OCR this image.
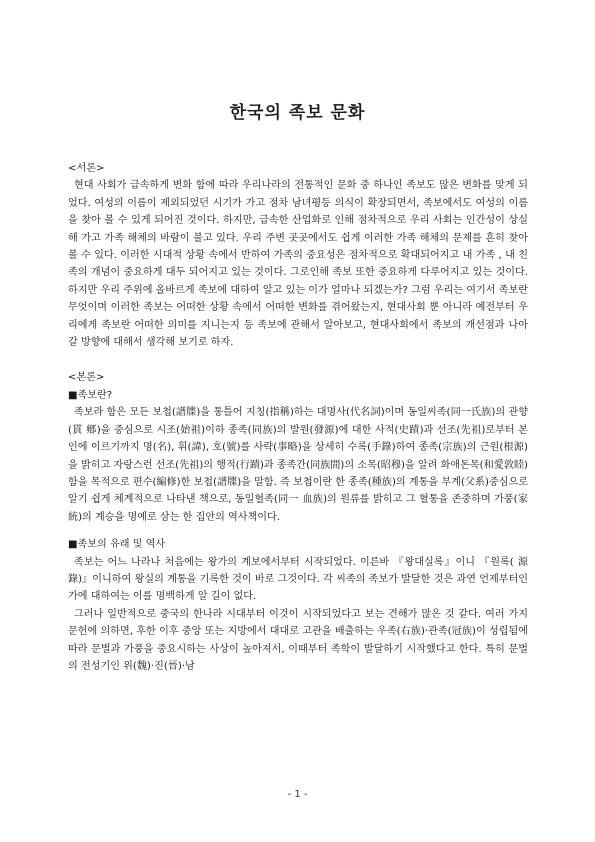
한국의 족보 문화

<서론>

현대 사회가 급속하게 변화 함에 따라 우리나라의 전통적인 문화 중 하나인 족보도 많은 변화를 맞게 되었다. 여성의 이름이 제외되었던 시기가 가고 점차 남녀평등 의식이 확장되면서, 족보에서도 여성의 이름을 찾아 볼 수 있게 되어진 것이다. 하지만, 급속한 산업화로 인해 점차적으로 우리 사회는 인간성이 상실해 가고 가족 해체의 바람이 불고 있다. 우리 주변 곳곳에서도 쉽게 이러한 가족 해체의 문제를 흔히 찾아 볼 수 있다. 이러한 시대적 상황 속에서 반하여 가족의 중요성은 점차적으로 확대되어지고 내 가족 , 내 친족의 개념이 중요하게 대두 되어지고 있는 것이다. 그로인해 족보 또한 중요하게 다루어지고 있는 것이다. 하지만 우리 주위에 올바르게 족보에 대하여 알고 있는 이가 얼마나 되겠는가? 그럼 우리는 여기서 족보란 무엇이며 이러한 족보는 어떠한 상황 속에서 어떠한 변화를 겪어왔는지, 현대사회 뿐 아니라 예전부터 우리에게 족보란 어떠한 의미를 지니는지 등 족보에 관해서 알아보고, 현대사회에서 족보의 개선점과 나아갈 방향에 대해서 생각해 보기로 하자.

<본론>

■족보란?

족보라 함은 모든 보첩(譜牒)을 통틀어 지칭(指稱)하는 대명사(代名詞)이며 동일씨족(同一氏族)의 관향(貫 鄕)을 중심으로 시조(始祖)이하 종족(同族)의 발원(發源)에 대한 사적(史蹟)과 선조(先祖)로부터 본인에 이르기까지 명(名), 휘(諱), 호(號)를 사략(事略)을 상세히 수록(手錄)하여 종족(宗族)의 근원(根源)을 밝히고 자랑스런 선조(先祖)의 행적(行蹟)과 종족간(同族間)의 소목(昭穆)을 알려 화애돈목(和愛敦睦)함을 목적으로 편수(編修)한 보첩(譜牒)을 말함. 즉 보첩이란 한 종족(種族)의 계통을 부계(父系)중심으로 알기 쉽게 체계적으로 나타낸 책으로, 동일혈족(同一 血族)의 원류를 밝히고 그 혈통을 존중하며 가풍(家統)의 계승을 명예로 삼는 한 집안의 역사책이다.

■족보의 유래 및 역사

족보는 어느 나라나 처음에는 왕가의 계보에서부터 시작되었다. 이른바 『왕대실록』이니 『원록( 源錄)』이니하여 왕실의 계통을 기록한 것이 바로 그것이다. 각 씨족의 족보가 발달한 것은 과연 언제부터인가에 대하여는 이를 명백하게 알 길이 없다.

그러나 일반적으로 중국의 한나라 시대부터 이것이 시작되었다고 보는 견해가 많은 것 같다. 여러 가지 문헌에 의하면, 후한 이후 중앙 또는 지방에서 대대로 고관을 배출하는 우족(右族)·관족(冠族)이 성립됨에 따라 문벌과 가풍을 중요시하는 사상이 높아져서, 이때부터 족학이 발달하기 시작했다고 한다. 특히 문벌의 전성기인 위(魏)·진(晉)·남

- 1 -
